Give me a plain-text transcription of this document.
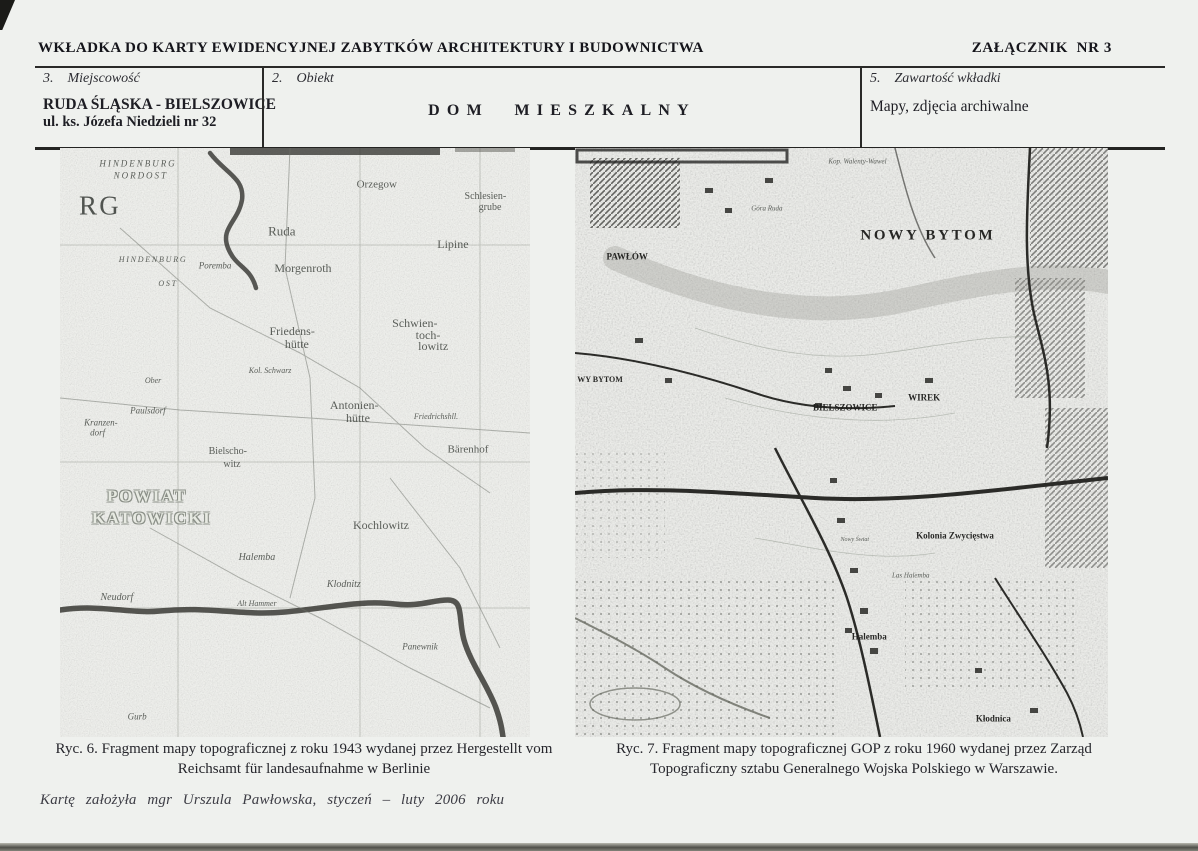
WKŁADKA DO KARTY EWIDENCYJNEJ ZABYTKÓW ARCHITEKTURY I BUDOWNICTWA	ZAŁĄCZNIK  NR 3
3. Miejscowość
RUDA ŚLĄSKA - BIELSZOWICE
ul. ks. Józefa Niedzieli nr 32
2. Obiekt
DOM MIESZKALNY
5. Zawartość wkładki
Mapy, zdjęcia archiwalne
HINDENBURG
NORDOST
RG
Orzegow
Schlesien-
grube
Ruda
Lipine
HINDENBURG
OST
Poremba	Morgenroth
Friedens-
hütte
Schwien-
toch-
lowitz
Kol. Schwarz
Antonien-
hütte	Friedrichshll.
Ober
Paulsdorf
Kranzen-
dorf
Bielscho-
witz
Bärenhof
POWIAT
KATOWICKI	Kochlowitz
Halemba
Klodnitz
Neudorf
Alt Hammer
Panewnik
Gurb
Kop. Walenty-Wawel
Góra Ruda
NOWY BYTOM
PAWŁÓW
WY BYTOM
BIELSZOWICE
WIREK
Nowy Świat	Kolonia Zwycięstwa
Las Halemba
Halemba
Kłodnica
Ryc. 6. Fragment mapy topograficznej z roku 1943 wydanej przez Hergestellt vom
Reichsamt für landesaufnahme w Berlinie
Ryc. 7. Fragment mapy topograficznej GOP z roku 1960 wydanej przez Zarząd
Topograficzny sztabu Generalnego Wojska Polskiego w Warszawie.
Kartę założyła mgr Urszula Pawłowska, styczeń – luty 2006 roku
